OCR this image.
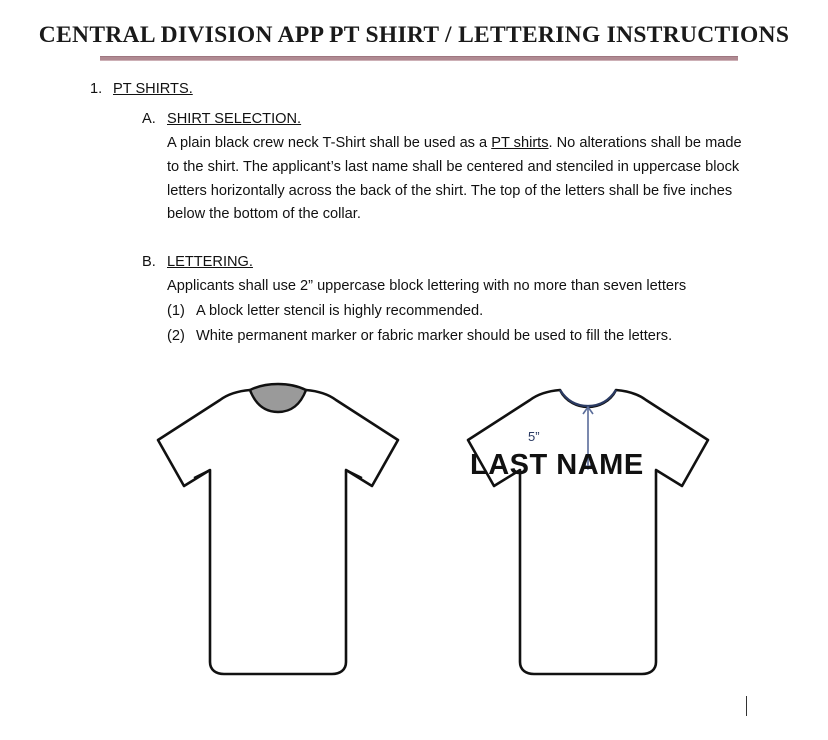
CENTRAL DIVISION APP PT SHIRT / LETTERING INSTRUCTIONS
1. PT SHIRTS.
A. SHIRT SELECTION.
A plain black crew neck T-Shirt shall be used as a PT shirts. No alterations shall be made to the shirt. The applicant’s last name shall be centered and stenciled in uppercase block letters horizontally across the back of the shirt. The top of the letters shall be five inches below the bottom of the collar.
B. LETTERING.
Applicants shall use 2” uppercase block lettering with no more than seven letters
(1) A block letter stencil is highly recommended.
(2) White permanent marker or fabric marker should be used to fill the letters.
LAST NAME
5”
